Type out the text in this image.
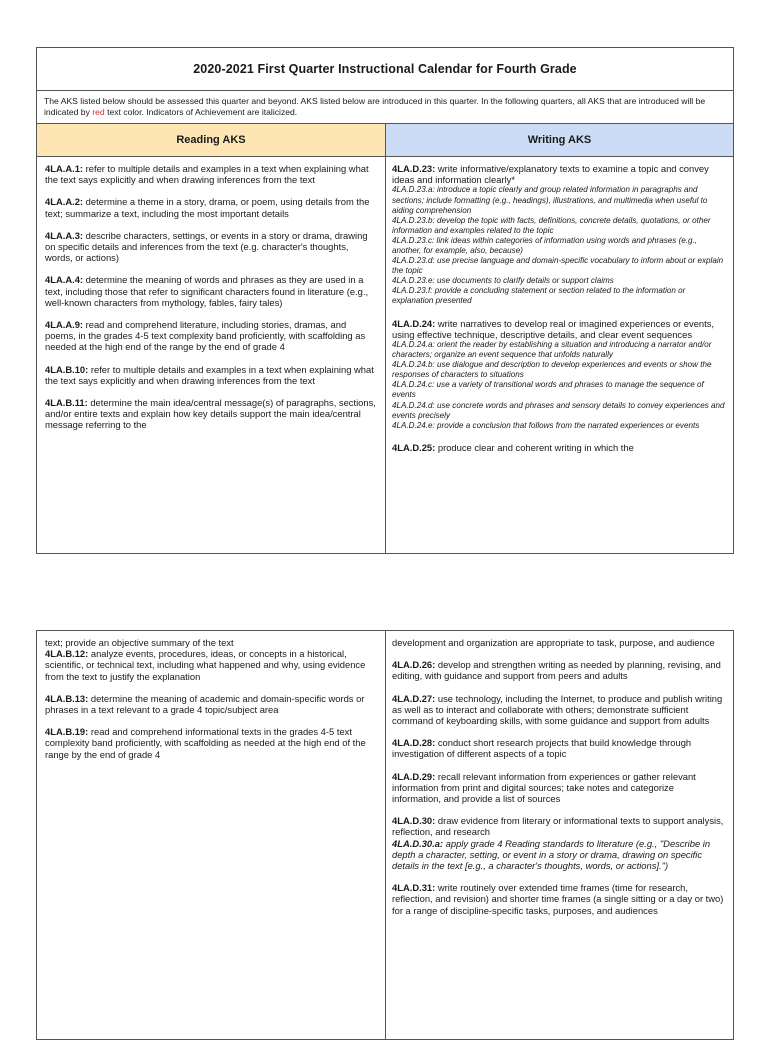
2020-2021 First Quarter Instructional Calendar for Fourth Grade
The AKS listed below should be assessed this quarter and beyond. AKS listed below are introduced in this quarter. In the following quarters, all AKS that are introduced will be indicated by red text color. Indicators of Achievement are italicized.
Reading AKS	Writing AKS

4LA.A.1: refer to multiple details and examples in a text when explaining what the text says explicitly and when drawing inferences from the text

4LA.A.2: determine a theme in a story, drama, or poem, using details from the text; summarize a text, including the most important details

4LA.A.3: describe characters, settings, or events in a story or drama, drawing on specific details and inferences from the text (e.g. character's thoughts, words, or actions)

4LA.A.4: determine the meaning of words and phrases as they are used in a text, including those that refer to significant characters found in literature (e.g., well-known characters from mythology, fables, fairy tales)

4LA.A.9: read and comprehend literature, including stories, dramas, and poems, in the grades 4-5 text complexity band proficiently, with scaffolding as needed at the high end of the range by the end of grade 4

4LA.B.10: refer to multiple details and examples in a text when explaining what the text says explicitly and when drawing inferences from the text

4LA.B.11: determine the main idea/central message(s) of paragraphs, sections, and/or entire texts and explain how key details support the main idea/central message referring to the

4LA.D.23: write informative/explanatory texts to examine a topic and convey ideas and information clearly*

4LA.D.23.a: introduce a topic clearly and group related information in paragraphs and sections; include formatting (e.g., headings), illustrations, and multimedia when useful to aiding comprehension

4LA.D.23.b: develop the topic with facts, definitions, concrete details, quotations, or other information and examples related to the topic

4LA.D.23.c: link ideas within categories of information using words and phrases (e.g., another, for example, also, because)

4LA.D.23.d: use precise language and domain-specific vocabulary to inform about or explain the topic

4LA.D.23.e: use documents to clarify details or support claims

4LA.D.23.f: provide a concluding statement or section related to the information or explanation presented

4LA.D.24: write narratives to develop real or imagined experiences or events, using effective technique, descriptive details, and clear event sequences

4LA.D.24.a: orient the reader by establishing a situation and introducing a narrator and/or characters; organize an event sequence that unfolds naturally

4LA.D.24.b: use dialogue and description to develop experiences and events or show the responses of characters to situations

4LA.D.24.c: use a variety of transitional words and phrases to manage the sequence of events

4LA.D.24.d: use concrete words and phrases and sensory details to convey experiences and events precisely

4LA.D.24.e: provide a conclusion that follows from the narrated experiences or events

4LA.D.25: produce clear and coherent writing in which the

text; provide an objective summary of the text

4LA.B.12: analyze events, procedures, ideas, or concepts in a historical, scientific, or technical text, including what happened and why, using evidence from the text to justify the explanation

4LA.B.13: determine the meaning of academic and domain-specific words or phrases in a text relevant to a grade 4 topic/subject area

4LA.B.19: read and comprehend informational texts in the grades 4-5 text complexity band proficiently, with scaffolding as needed at the high end of the range by the end of grade 4

development and organization are appropriate to task, purpose, and audience

4LA.D.26: develop and strengthen writing as needed by planning, revising, and editing, with guidance and support from peers and adults

4LA.D.27: use technology, including the Internet, to produce and publish writing as well as to interact and collaborate with others; demonstrate sufficient command of keyboarding skills, with some guidance and support from adults

4LA.D.28: conduct short research projects that build knowledge through investigation of different aspects of a topic

4LA.D.29: recall relevant information from experiences or gather relevant information from print and digital sources; take notes and categorize information, and provide a list of sources

4LA.D.30: draw evidence from literary or informational texts to support analysis, reflection, and research

4LA.D.30.a: apply grade 4 Reading standards to literature (e.g., "Describe in depth a character, setting, or event in a story or drama, drawing on specific details in the text [e.g., a character's thoughts, words, or actions].")

4LA.D.31: write routinely over extended time frames (time for research, reflection, and revision) and shorter time frames (a single sitting or a day or two) for a range of discipline-specific tasks, purposes, and audiences
